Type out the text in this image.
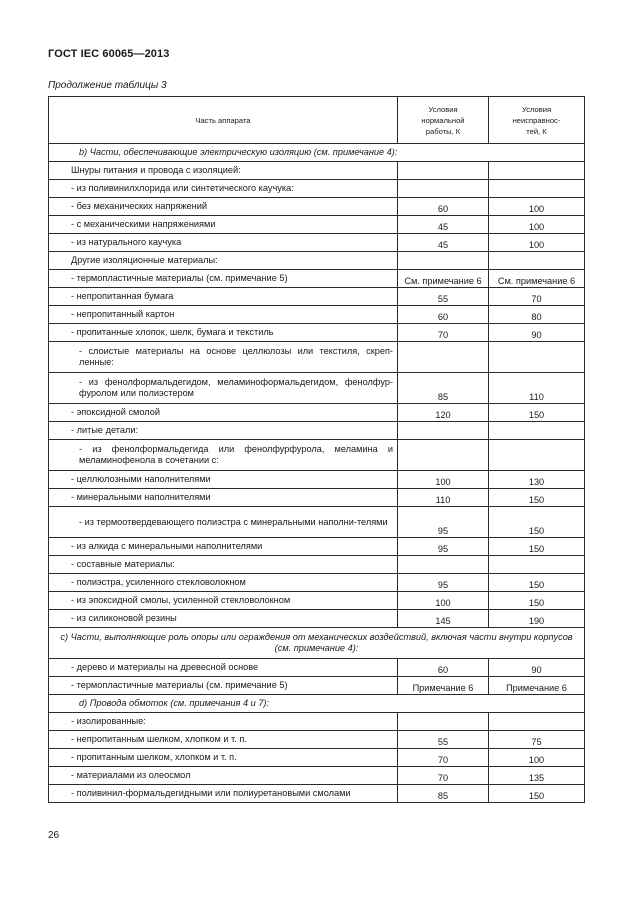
ГОСТ IEC 60065—2013
Продолжение таблицы 3
Часть аппарата	Условия нормальной работы, К	Условия неисправнос-тей, К
b) Части, обеспечивающие электрическую изоляцию (см. примечание 4):		
Шнуры питания и провода с изоляцией:		
- из поливинилхлорида или синтетического каучука:		
- без механических напряжений	60	100
- с механическими напряжениями	45	100
- из натурального каучука	45	100
Другие изоляционные материалы:		
- термопластичные материалы (см. примечание 5)	См. примечание 6	См. примечание 6
- непропитанная бумага	55	70
- непропитанный картон	60	80
- пропитанные хлопок, шелк, бумага и текстиль	70	90
- слоистые материалы на основе целлюлозы или текстиля, скреп-ленные:		
- из фенолформальдегидом, меламиноформальдегидом, фенолфур-фуролом или полиэстером	85	110
- эпоксидной смолой	120	150
- литые детали:		
- из фенолформальдегида или фенолфурфурола, меламина и меламинофенола в сочетании с:		
- целлюлозными наполнителями	100	130
- минеральными наполнителями	110	150
- из термоотвердевающего полиэстра с минеральными наполни-телями	95	150
- из алкида с минеральными наполнителями	95	150
- составные материалы:		
- полиэстра, усиленного стекловолокном	95	150
- из эпоксидной смолы, усиленной стекловолокном	100	150
- из силиконовой резины	145	190
c) Части, выполняющие роль опоры или ограждения от механических воздействий, включая части внутри корпусов (см. примечание 4):		
- дерево и материалы на древесной основе	60	90
- термопластичные материалы (см. примечание 5)	Примечание 6	Примечание 6
d) Провода обмоток (см. примечания 4 и 7):		
- изолированные:		
- непропитанным шелком, хлопком и т. п.	55	75
- пропитанным шелком, хлопком и т. п.	70	100
- материалами из олеосмол	70	135
- поливинил-формальдегидными или полиуретановыми смолами	85	150
26
